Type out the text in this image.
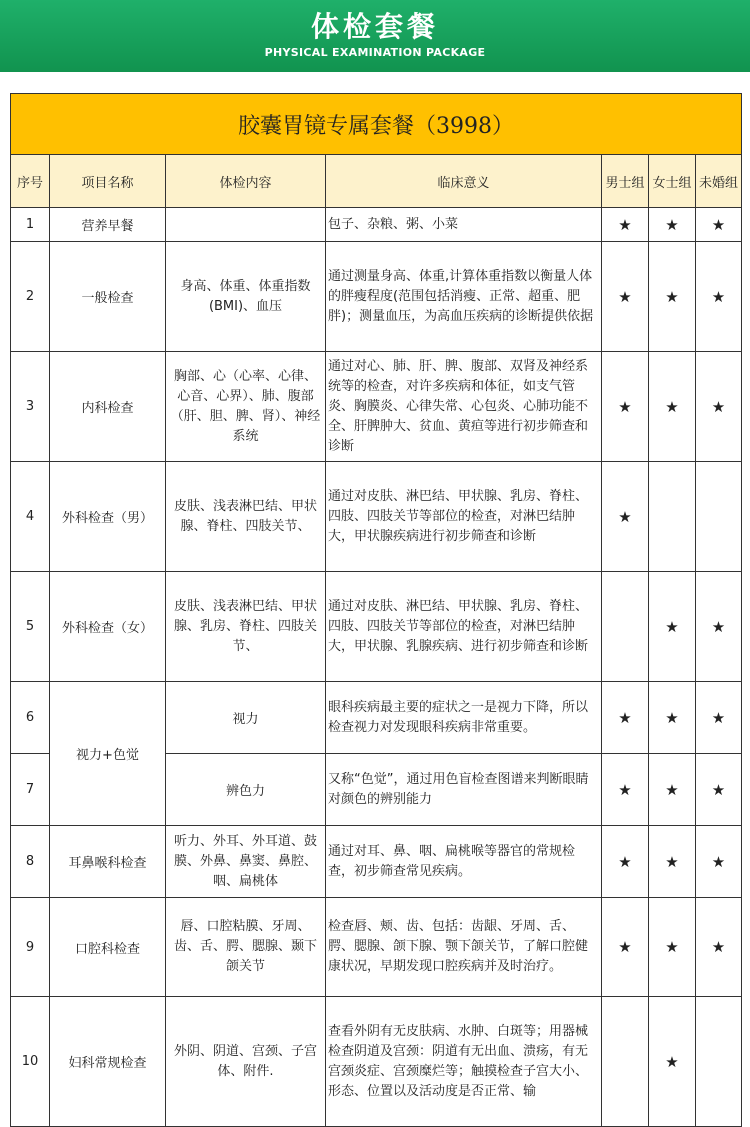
体检套餐
PHYSICAL EXAMINATION PACKAGE
胶囊胃镜专属套餐（3998）						
序号	项目名称	体检内容	临床意义	男士组	女士组	未婚组
1	营养早餐		包子、杂粮、粥、小菜	★	★	★
2	一般检查	身高、体重、体重指数(BMI)、血压	通过测量身高、体重,计算体重指数以衡量人体的胖瘦程度(范围包括消瘦、正常、超重、肥胖)；测量血压，为高血压疾病的诊断提供依据	★	★	★
3	内科检查	胸部、心（心率、心律、心音、心界）、肺、腹部（肝、胆、脾、肾）、神经系统	通过对心、肺、肝、脾、腹部、双肾及神经系统等的检查，对许多疾病和体征，如支气管炎、胸膜炎、心律失常、心包炎、心肺功能不全、肝脾肿大、贫血、黄疸等进行初步筛查和诊断	★	★	★
4	外科检查（男）	皮肤、浅表淋巴结、甲状腺、脊柱、四肢关节、	通过对皮肤、淋巴结、甲状腺、乳房、脊柱、四肢、四肢关节等部位的检查，对淋巴结肿大，甲状腺疾病进行初步筛查和诊断	★		
5	外科检查（女）	皮肤、浅表淋巴结、甲状腺、乳房、脊柱、四肢关节、	通过对皮肤、淋巴结、甲状腺、乳房、脊柱、四肢、四肢关节等部位的检查，对淋巴结肿大，甲状腺、乳腺疾病、进行初步筛查和诊断		★	★
6	视力+色觉	视力	眼科疾病最主要的症状之一是视力下降，所以检查视力对发现眼科疾病非常重要。	★	★	★
7		辨色力	又称“色觉”，通过用色盲检查图谱来判断眼睛对颜色的辨别能力	★	★	★
8	耳鼻喉科检查	听力、外耳、外耳道、鼓膜、外鼻、鼻窦、鼻腔、咽、扁桃体	通过对耳、鼻、咽、扁桃喉等器官的常规检查，初步筛查常见疾病。	★	★	★
9	口腔科检查	唇、口腔粘膜、牙周、齿、舌、腭、腮腺、颞下颌关节	检查唇、颊、齿、包括：齿龈、牙周、舌、腭、腮腺、颌下腺、颚下颌关节，了解口腔健康状况，早期发现口腔疾病并及时治疗。	★	★	★
10	妇科常规检查	外阴、阴道、宫颈、子宫体、附件.	查看外阴有无皮肤病、水肿、白斑等；用器械检查阴道及宫颈：阴道有无出血、溃疡，有无宫颈炎症、宫颈糜烂等；触摸检查子宫大小、形态、位置以及活动度是否正常、输		★	
